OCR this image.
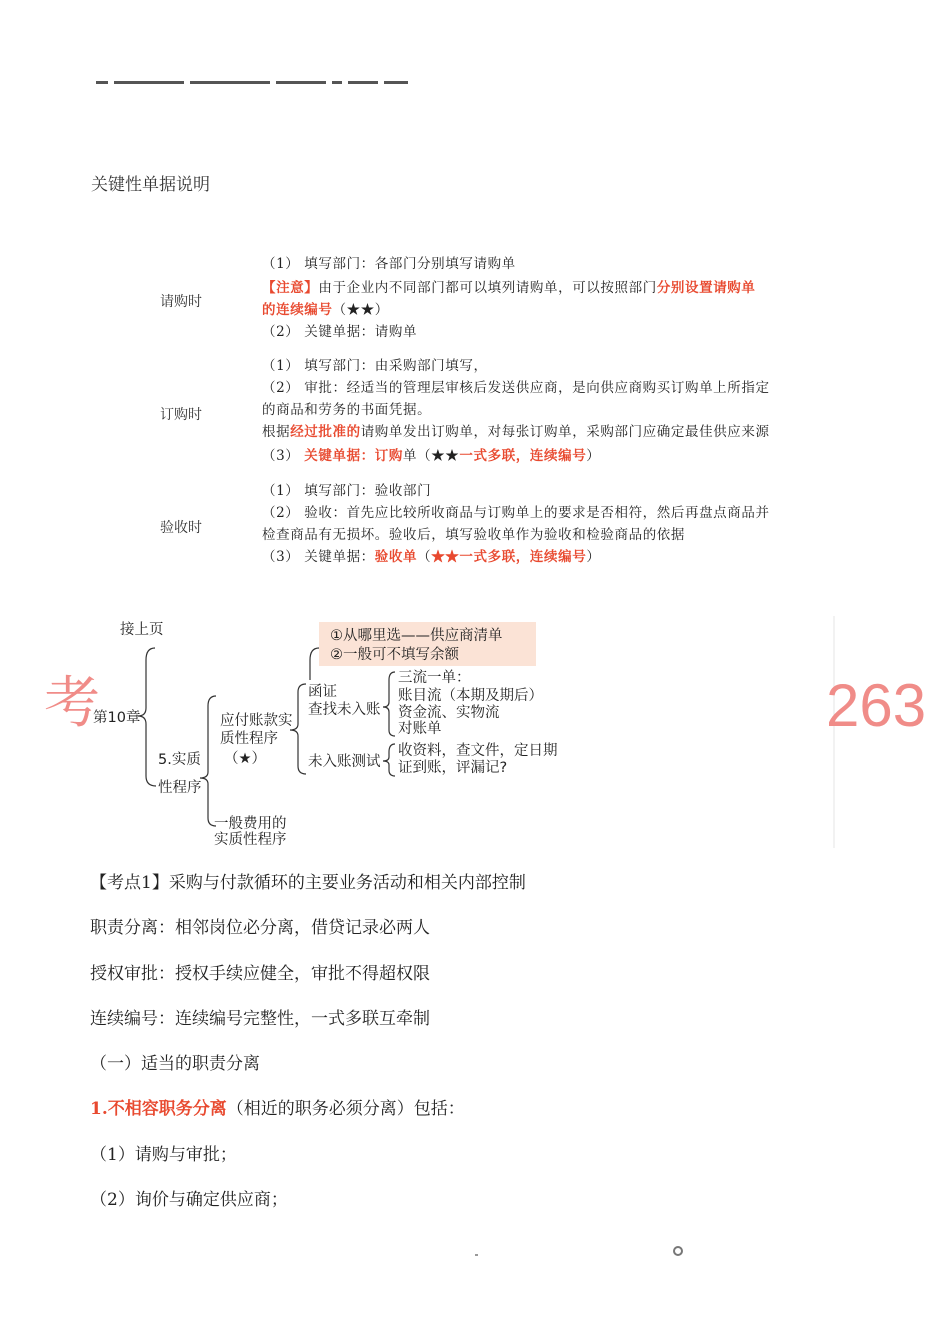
关键性单据说明
请购时
订购时
验收时
（1） 填写部门：各部门分别填写请购单
【注意】由于企业内不同部门都可以填列请购单，可以按照部门分别设置请购单
的连续编号（★★）
（2） 关键单据：请购单
（1） 填写部门：由采购部门填写，
（2） 审批：经适当的管理层审核后发送供应商，是向供应商购买订购单上所指定
的商品和劳务的书面凭据。
根据经过批准的请购单发出订购单，对每张订购单，采购部门应确定最佳供应来源
（3） 关键单据：订购单（★★一式多联，连续编号）
（1） 填写部门：验收部门
（2） 验收：首先应比较所收商品与订购单上的要求是否相符，然后再盘点商品并
检查商品有无损坏。验收后，填写验收单作为验收和检验商品的依据
（3） 关键单据：验收单（★★一式多联，连续编号）
考	263
①从哪里选——供应商清单
②一般可不填写余额
接上页
第10章
5.实质
性程序
应付账款实
质性程序
（★）
一般费用的
实质性程序
函证
查找未入账
未入账测试
三流一单：
账目流（本期及期后）
资金流、实物流
对账单
收资料，查文件，定日期
证到账，评漏记?
【考点1】采购与付款循环的主要业务活动和相关内部控制
职责分离：相邻岗位必分离，借贷记录必两人
授权审批：授权手续应健全，审批不得超权限
连续编号：连续编号完整性，一式多联互牵制
（一）适当的职责分离
1.不相容职务分离（相近的职务必须分离）包括：
（1）请购与审批；
（2）询价与确定供应商；
